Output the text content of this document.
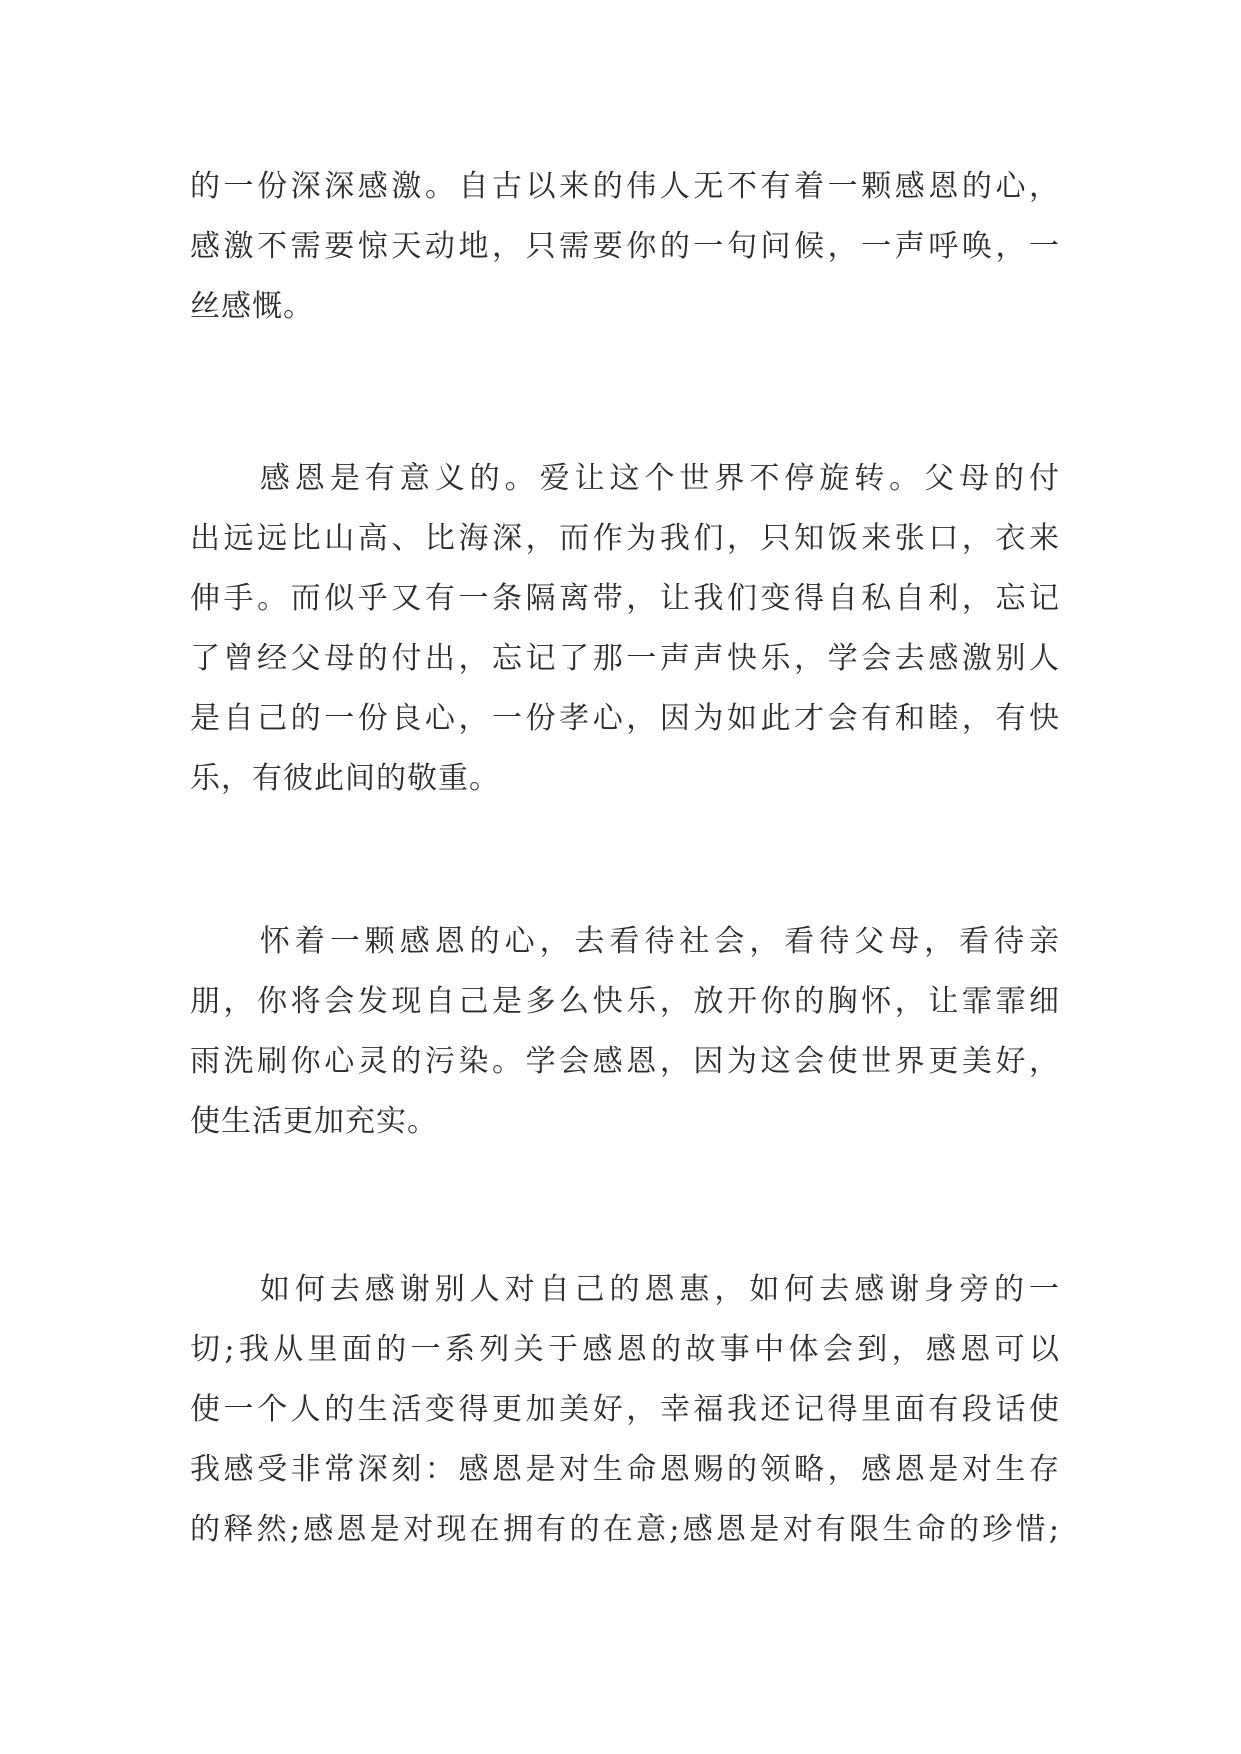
的一份深深感激。自古以来的伟人无不有着一颗感恩的心，
感激不需要惊天动地，只需要你的一句问候，一声呼唤，一
丝感慨。
　　感恩是有意义的。爱让这个世界不停旋转。父母的付
出远远比山高、比海深，而作为我们，只知饭来张口，衣来
伸手。而似乎又有一条隔离带，让我们变得自私自利，忘记
了曾经父母的付出，忘记了那一声声快乐，学会去感激别人
是自己的一份良心，一份孝心，因为如此才会有和睦，有快
乐，有彼此间的敬重。
　　怀着一颗感恩的心，去看待社会，看待父母，看待亲
朋，你将会发现自己是多么快乐，放开你的胸怀，让霏霏细
雨洗刷你心灵的污染。学会感恩，因为这会使世界更美好，
使生活更加充实。
　　如何去感谢别人对自己的恩惠，如何去感谢身旁的一
切;我从里面的一系列关于感恩的故事中体会到，感恩可以
使一个人的生活变得更加美好，幸福我还记得里面有段话使
我感受非常深刻：感恩是对生命恩赐的领略，感恩是对生存
的释然;感恩是对现在拥有的在意;感恩是对有限生命的珍惜;
